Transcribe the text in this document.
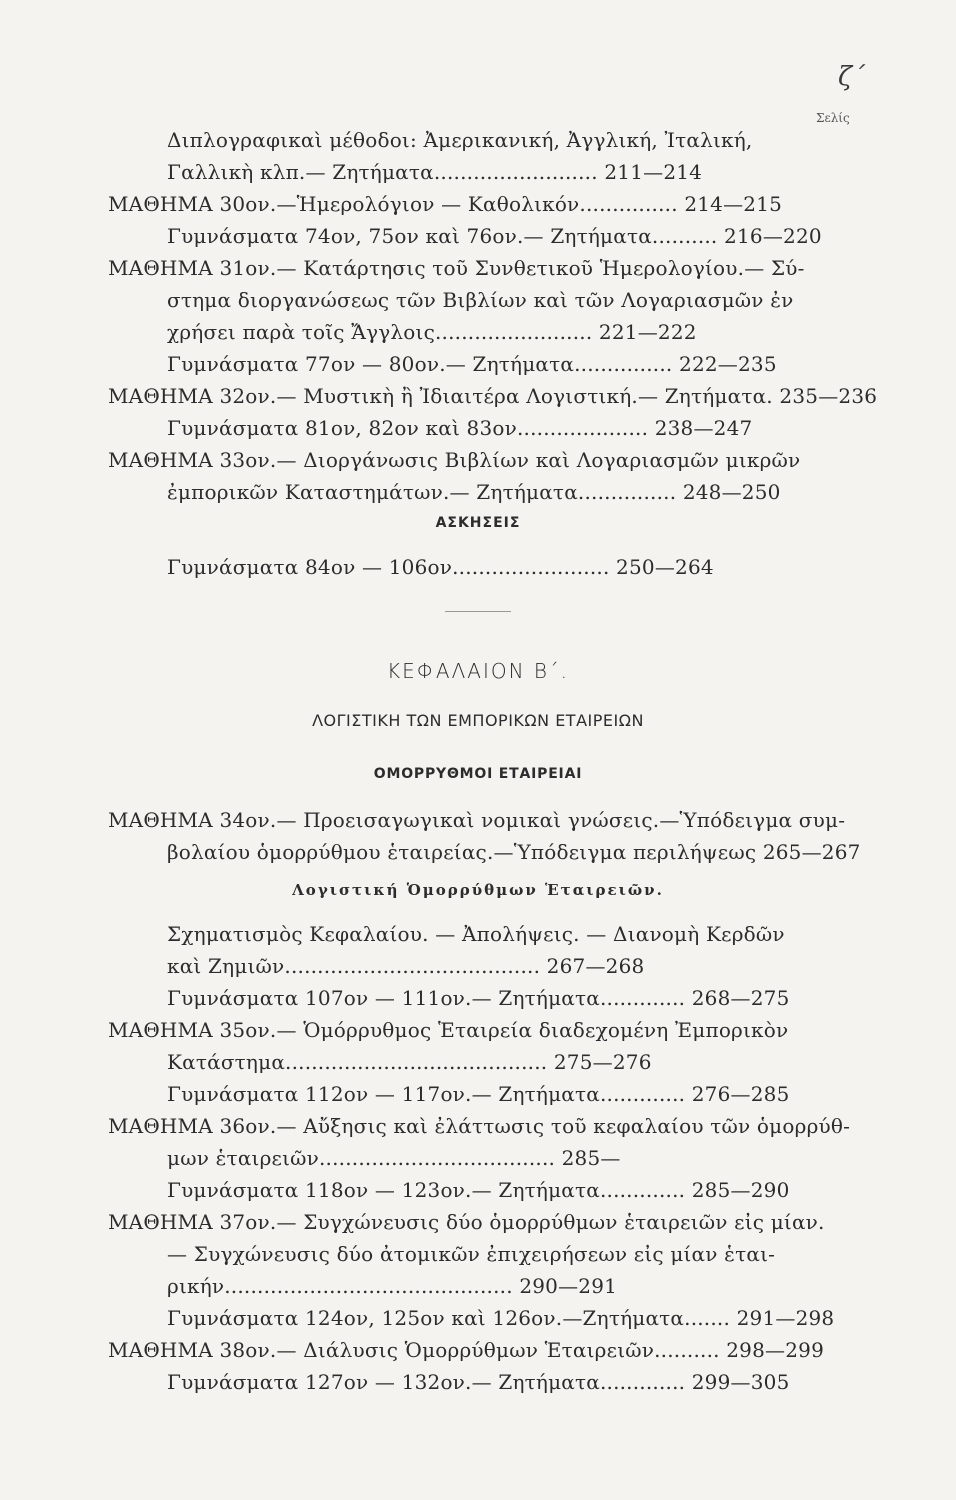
ζ΄
Σελίς
Διπλογραφικαὶ μέθοδοι: Ἀμερικανική, Ἀγγλική, Ἰταλική,
Γαλλικὴ κλπ.— Ζητήματα......................... 211—214
ΜΑΘΗΜΑ 30ον.—Ἡμερολόγιον — Καθολικόν............... 214—215
Γυμνάσματα 74ον, 75ον καὶ 76ον.— Ζητήματα.......... 216—220
ΜΑΘΗΜΑ 31ον.— Κατάρτησις τοῦ Συνθετικοῦ Ἡμερολογίου.— Σύ-
στημα διοργανώσεως τῶν Βιβλίων καὶ τῶν Λογαριασμῶν ἐν
χρήσει παρὰ τοῖς Ἄγγλοις........................ 221—222
Γυμνάσματα 77ον — 80ον.— Ζητήματα............... 222—235
ΜΑΘΗΜΑ 32ον.— Μυστικὴ ἢ Ἰδιαιτέρα Λογιστική.— Ζητήματα. 235—236
Γυμνάσματα 81ον, 82ον καὶ 83ον.................... 238—247
ΜΑΘΗΜΑ 33ον.— Διοργάνωσις Βιβλίων καὶ Λογαριασμῶν μικρῶν
ἐμπορικῶν Καταστημάτων.— Ζητήματα............... 248—250
ΑΣΚΗΣΕΙΣ
Γυμνάσματα 84ον — 106ον........................ 250—264
ΚΕΦΑΛΑΙΟΝ Β΄.
ΛΟΓΙΣΤΙΚΗ ΤΩΝ ΕΜΠΟΡΙΚΩΝ ΕΤΑΙΡΕΙΩΝ
ΟΜΟΡΡΥΘΜΟΙ ΕΤΑΙΡΕΙΑΙ
ΜΑΘΗΜΑ 34ον.— Προεισαγωγικαὶ νομικαὶ γνώσεις.—Ὑπόδειγμα συμ-
βολαίου ὁμορρύθμου ἑταιρείας.—Ὑπόδειγμα περιλήψεως 265—267
Λογιστική Ὁμορρύθμων Ἑταιρειῶν.
Σχηματισμὸς Κεφαλαίου. — Ἀπολήψεις. — Διανομὴ Κερδῶν
καὶ Ζημιῶν....................................... 267—268
Γυμνάσματα 107ον — 111ον.— Ζητήματα............. 268—275
ΜΑΘΗΜΑ 35ον.— Ὁμόρρυθμος Ἑταιρεία διαδεχομένη Ἐμπορικὸν
Κατάστημα........................................ 275—276
Γυμνάσματα 112ον — 117ον.— Ζητήματα............. 276—285
ΜΑΘΗΜΑ 36ον.— Αὔξησις καὶ ἐλάττωσις τοῦ κεφαλαίου τῶν ὁμορρύθ-
μων ἑταιρειῶν.................................... 285—
Γυμνάσματα 118ον — 123ον.— Ζητήματα............. 285—290
ΜΑΘΗΜΑ 37ον.— Συγχώνευσις δύο ὁμορρύθμων ἑταιρειῶν εἰς μίαν.
— Συγχώνευσις δύο ἀτομικῶν ἐπιχειρήσεων εἰς μίαν ἑται-
ρικήν............................................ 290—291
Γυμνάσματα 124ον, 125ον καὶ 126ον.—Ζητήματα....... 291—298
ΜΑΘΗΜΑ 38ον.— Διάλυσις Ὁμορρύθμων Ἑταιρειῶν.......... 298—299
Γυμνάσματα 127ον — 132ον.— Ζητήματα............. 299—305
